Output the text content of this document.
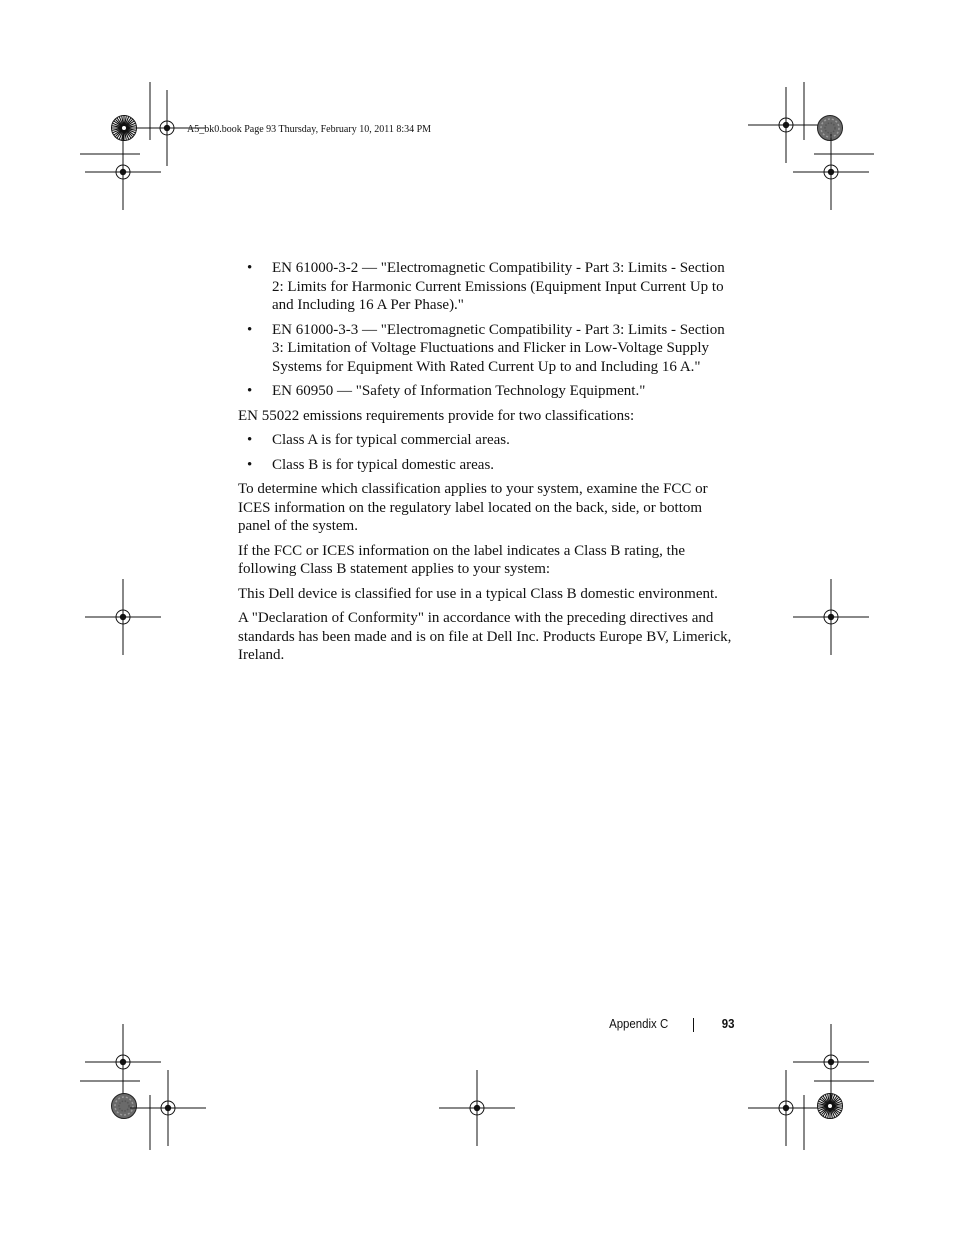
A5_bk0.book Page 93 Thursday, February 10, 2011 8:34 PM
• EN 61000-3-2 — "Electromagnetic Compatibility - Part 3: Limits - Section 2: Limits for Harmonic Current Emissions (Equipment Input Current Up to and Including 16 A Per Phase)."
• EN 61000-3-3 — "Electromagnetic Compatibility - Part 3: Limits - Section 3: Limitation of Voltage Fluctuations and Flicker in Low-Voltage Supply Systems for Equipment With Rated Current Up to and Including 16 A."
• EN 60950 — "Safety of Information Technology Equipment."

EN 55022 emissions requirements provide for two classifications:

• Class A is for typical commercial areas.
• Class B is for typical domestic areas.

To determine which classification applies to your system, examine the FCC or ICES information on the regulatory label located on the back, side, or bottom panel of the system.

If the FCC or ICES information on the label indicates a Class B rating, the following Class B statement applies to your system:

This Dell device is classified for use in a typical Class B domestic environment.

A "Declaration of Conformity" in accordance with the preceding directives and standards has been made and is on file at Dell Inc. Products Europe BV, Limerick, Ireland.

Appendix C	93
